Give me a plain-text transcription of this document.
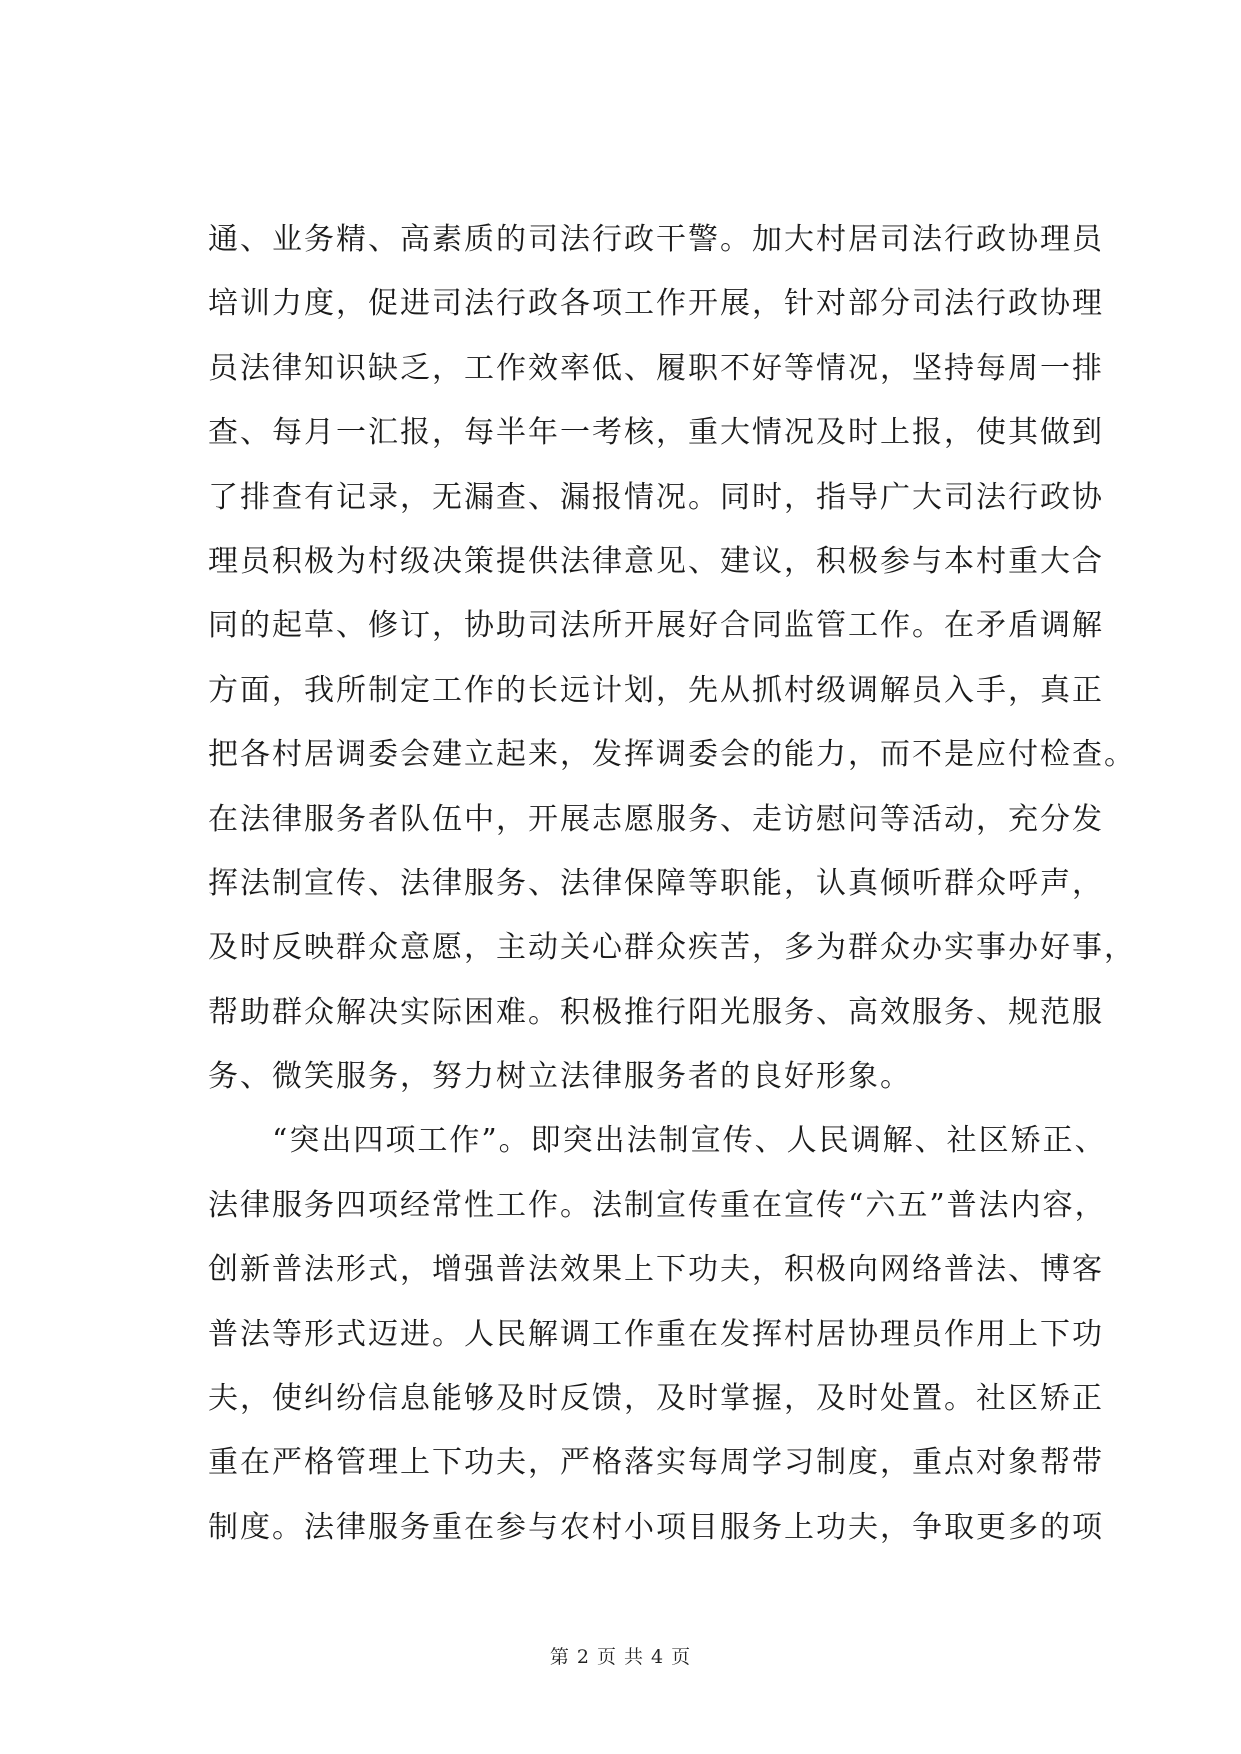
通、业务精、高素质的司法行政干警。加大村居司法行政协理员
培训力度，促进司法行政各项工作开展，针对部分司法行政协理
员法律知识缺乏，工作效率低、履职不好等情况，坚持每周一排
查、每月一汇报，每半年一考核，重大情况及时上报，使其做到
了排查有记录，无漏查、漏报情况。同时，指导广大司法行政协
理员积极为村级决策提供法律意见、建议，积极参与本村重大合
同的起草、修订，协助司法所开展好合同监管工作。在矛盾调解
方面，我所制定工作的长远计划，先从抓村级调解员入手，真正
把各村居调委会建立起来，发挥调委会的能力，而不是应付检查。
在法律服务者队伍中，开展志愿服务、走访慰问等活动，充分发
挥法制宣传、法律服务、法律保障等职能，认真倾听群众呼声，
及时反映群众意愿，主动关心群众疾苦，多为群众办实事办好事，
帮助群众解决实际困难。积极推行阳光服务、高效服务、规范服
务、微笑服务，努力树立法律服务者的良好形象。
“突出四项工作”。即突出法制宣传、人民调解、社区矫正、
法律服务四项经常性工作。法制宣传重在宣传“六五”普法内容，
创新普法形式，增强普法效果上下功夫，积极向网络普法、博客
普法等形式迈进。人民解调工作重在发挥村居协理员作用上下功
夫，使纠纷信息能够及时反馈，及时掌握，及时处置。社区矫正
重在严格管理上下功夫，严格落实每周学习制度，重点对象帮带
制度。法律服务重在参与农村小项目服务上功夫，争取更多的项
第 2 页 共 4 页
